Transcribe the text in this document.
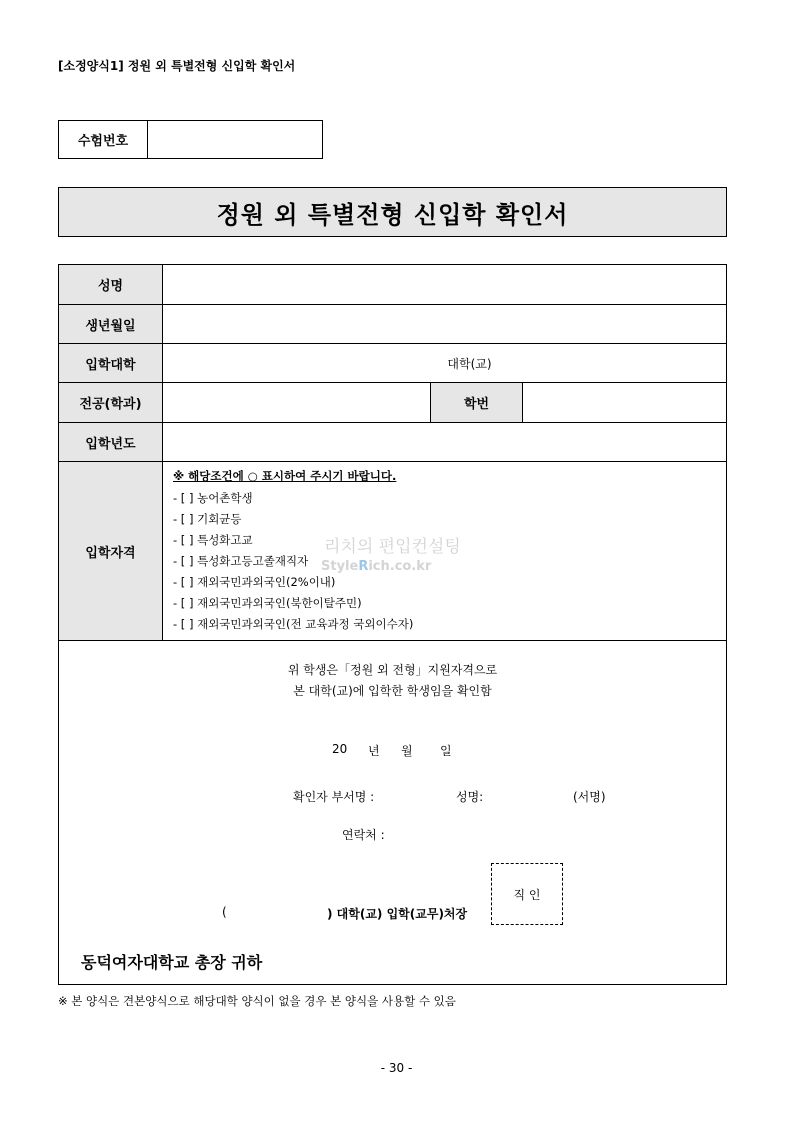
[소정양식1] 정원 외 특별전형 신입학 확인서
수험번호
정원 외 특별전형 신입학 확인서
성명
생년월일
입학대학	대학(교)
전공(학과)	학번
입학년도
입학자격
※ 해당조건에 ○ 표시하여 주시기 바랍니다.
- [ ] 농어촌학생
- [ ] 기회균등
- [ ] 특성화고교
- [ ] 특성화고등고졸재직자
- [ ] 재외국민과외국인(2%이내)
- [ ] 재외국민과외국인(북한이탈주민)
- [ ] 재외국민과외국인(전 교육과정 국외이수자)
리치의 편입컨설팅
StyleRich.co.kr
위 학생은「정원 외 전형」지원자격으로
본 대학(교)에 입학한 학생임을 확인함
20 년 월 일
확인자 부서명 :	성명:	(서명)
연락처 :
직 인
(	) 대학(교) 입학(교무)처장
동덕여자대학교 총장 귀하
※ 본 양식은 견본양식으로 해당대학 양식이 없을 경우 본 양식을 사용할 수 있음
- 30 -
